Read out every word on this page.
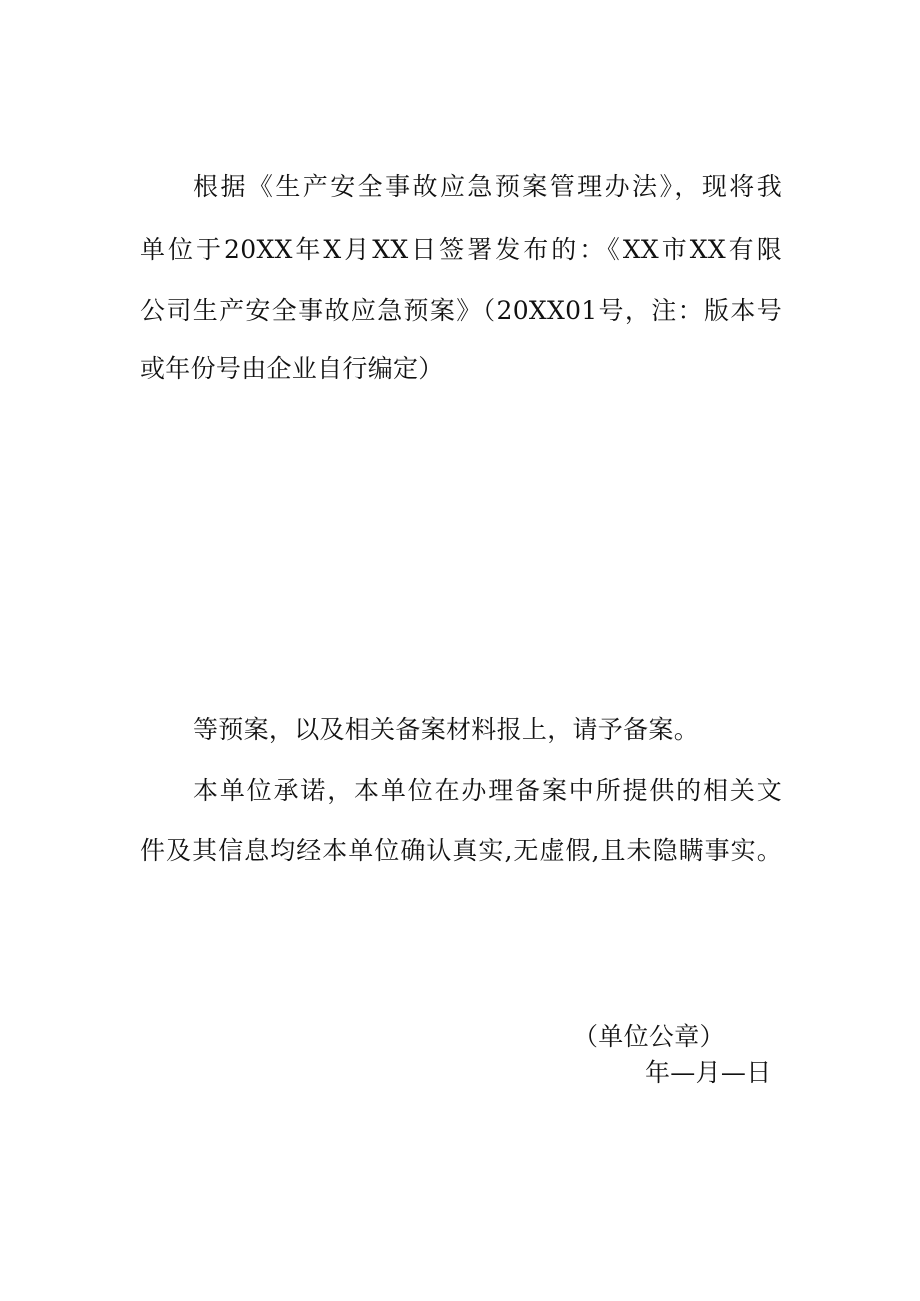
根据《生产安全事故应急预案管理办法》，现将我
单位于20XX年X月XX日签署发布的：《XX市XX有限
公司生产安全事故应急预案》（20XX01号，注：版本号
或年份号由企业自行编定）
等预案，以及相关备案材料报上，请予备案。
本单位承诺，本单位在办理备案中所提供的相关文
件及其信息均经本单位确认真实,无虚假,且未隐瞒事实。
（单位公章）
年—月—日
